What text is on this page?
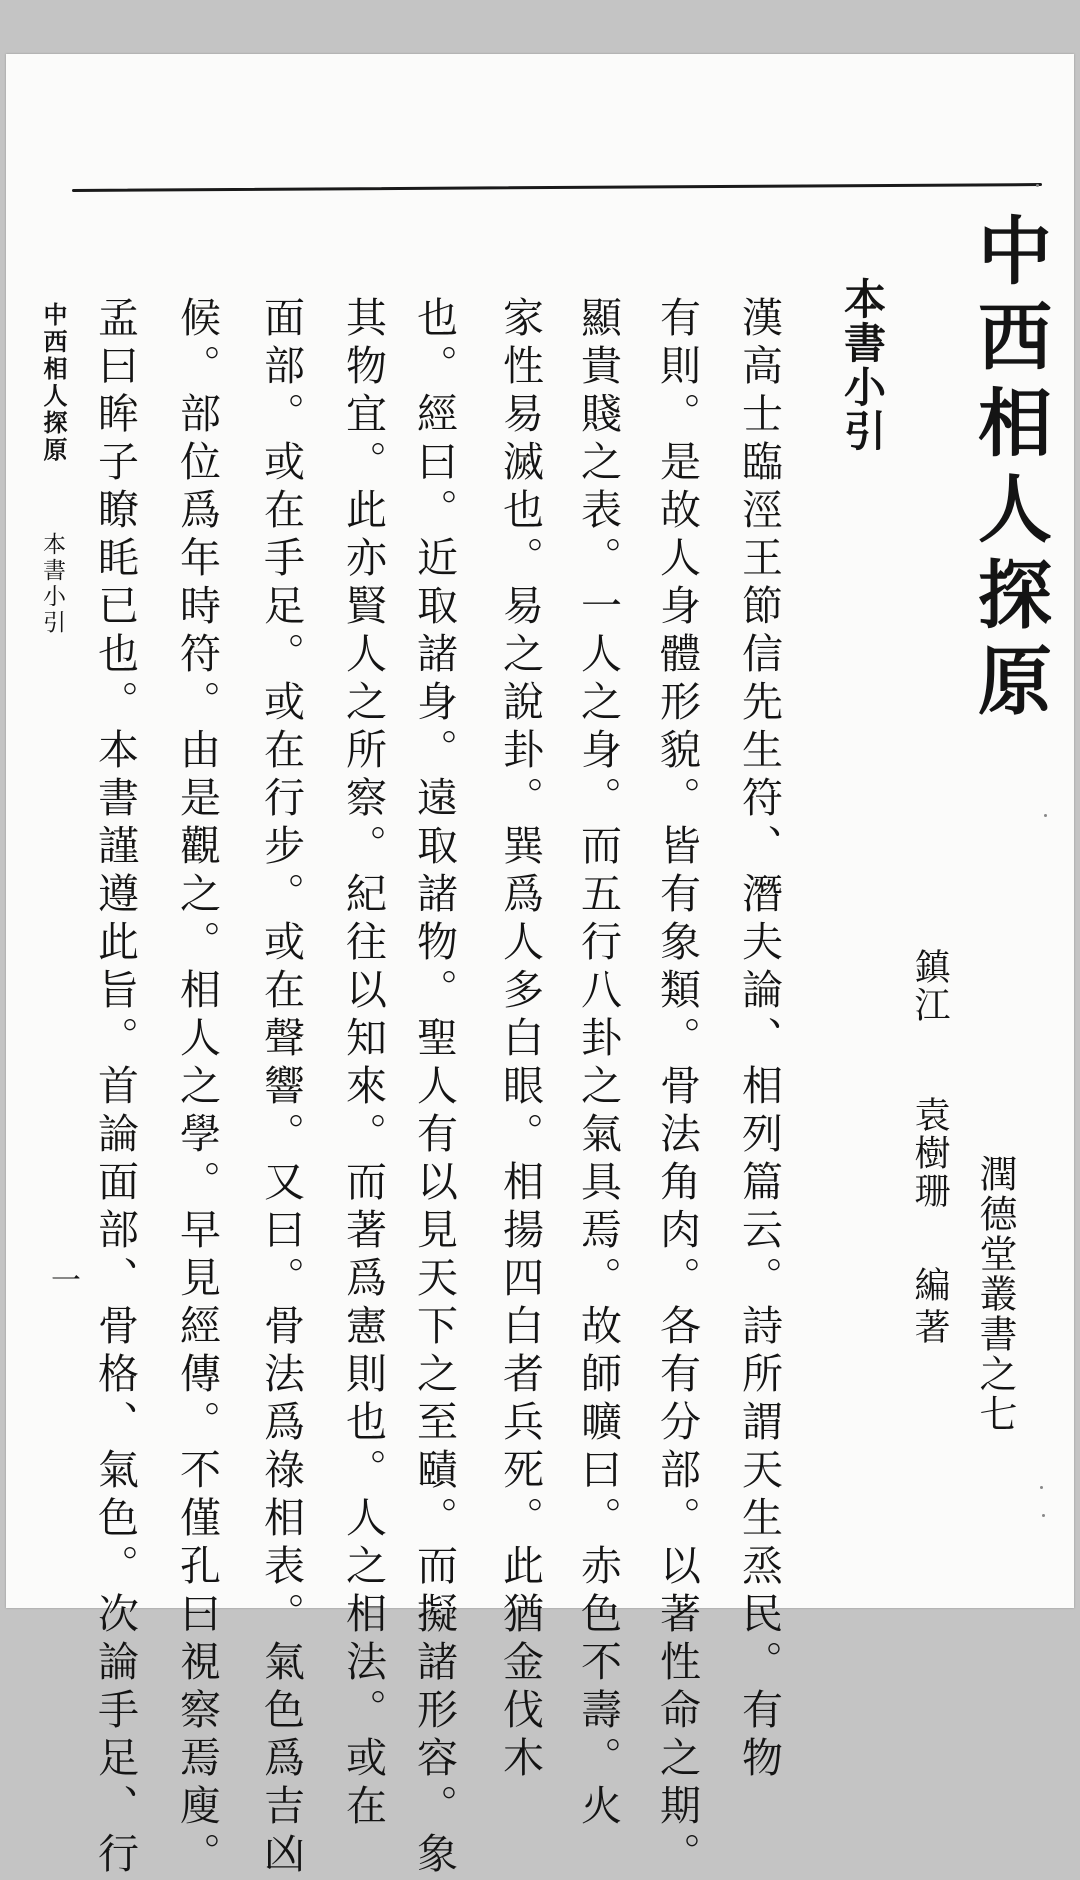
中西相人探原
潤德堂叢書之七
鎮江
袁樹珊
編著
本書小引
漢高士臨涇王節信先生符、潛夫論、相列篇云。詩所謂天生烝民。有物
有則。是故人身體形貌。皆有象類。骨法角肉。各有分部。以著性命之期。
顯貴賤之表。一人之身。而五行八卦之氣具焉。故師曠曰。赤色不壽。火
家性易滅也。易之說卦。巽爲人多白眼。相揚四白者兵死。此猶金伐木
也。經曰。近取諸身。遠取諸物。聖人有以見天下之至賾。而擬諸形容。象
其物宜。此亦賢人之所察。紀往以知來。而著爲憲則也。人之相法。或在
面部。或在手足。或在行步。或在聲響。又曰。骨法爲祿相表。氣色爲吉凶
候。部位爲年時符。由是觀之。相人之學。早見經傳。不僅孔曰視察焉廋。
孟曰眸子瞭眊已也。本書謹遵此旨。首論面部、骨格、氣色。次論手足、行
中西相人探原
本書小引
一
